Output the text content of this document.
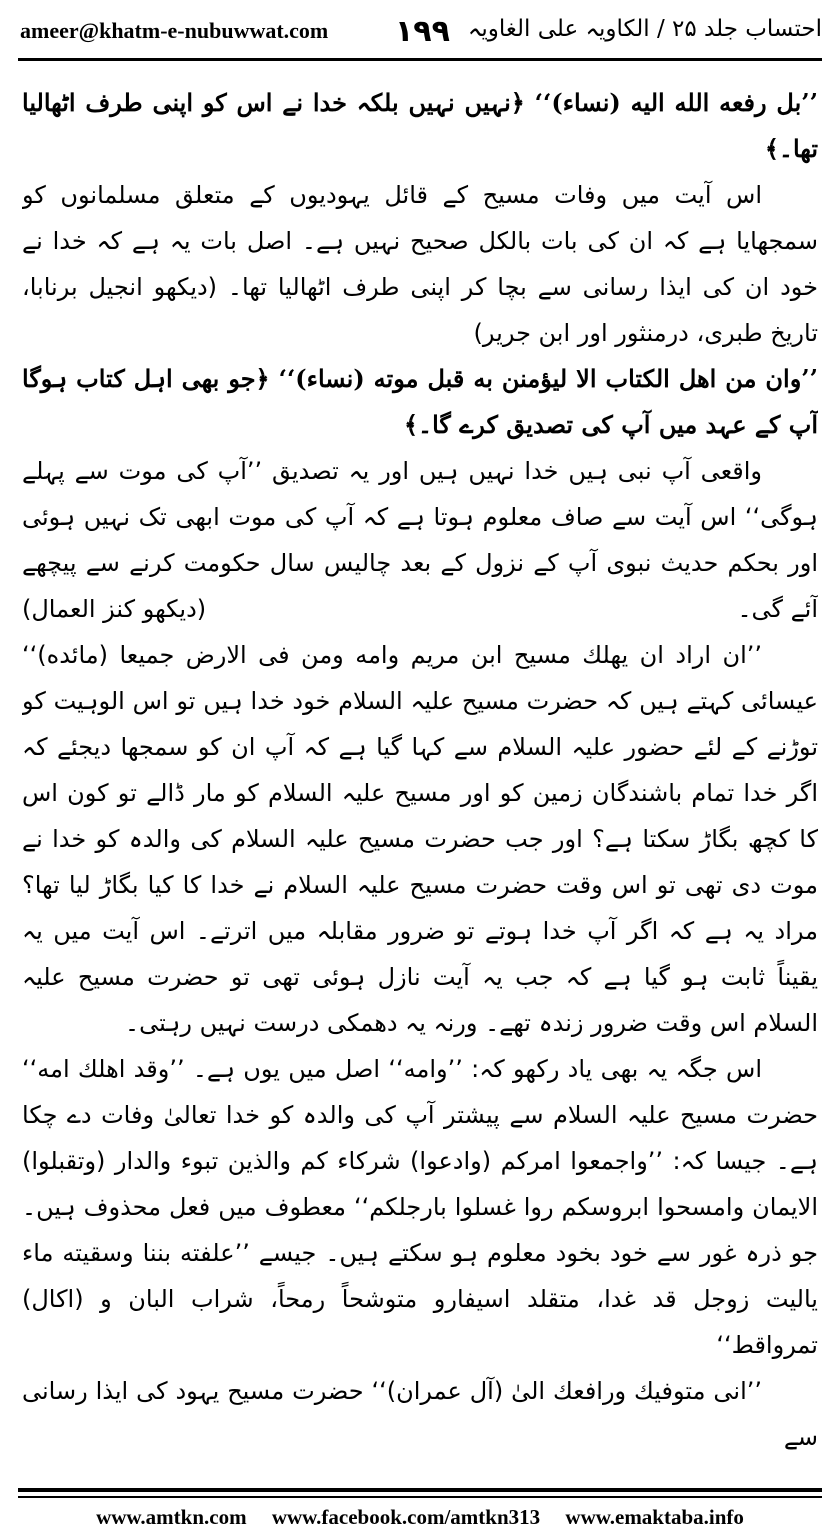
ameer@khatm-e-nubuwwat.com ۱۹۹ احتساب جلد ۲۵ / الکاویہ علی الغاویہ

’’بل رفعه الله اليه (نساء)‘‘ ﴿نہیں نہیں بلکہ خدا نے اس کو اپنی طرف اٹھالیا تھا۔﴾

اس آیت میں وفات مسیح کے قائل یہودیوں کے متعلق مسلمانوں کو سمجھایا ہے کہ ان کی بات بالکل صحیح نہیں ہے۔ اصل بات یہ ہے کہ خدا نے خود ان کی ایذا رسانی سے بچا کر اپنی طرف اٹھالیا تھا۔ (دیکھو انجیل برنابا، تاریخ طبری، درمنثور اور ابن جریر)

’’وان من اهل الكتاب الا ليؤمنن به قبل موته (نساء)‘‘ ﴿جو بھی اہل کتاب ہوگا آپ کے عہد میں آپ کی تصدیق کرے گا۔﴾

واقعی آپ نبی ہیں خدا نہیں ہیں اور یہ تصدیق ’’آپ کی موت سے پہلے ہوگی‘‘ اس آیت سے صاف معلوم ہوتا ہے کہ آپ کی موت ابھی تک نہیں ہوئی اور بحکم حدیث نبوی آپ کے نزول کے بعد چالیس سال حکومت کرنے سے پیچھے آئے گی۔
(دیکھو کنز العمال)

’’ان اراد ان يهلك مسيح ابن مريم وامه ومن فى الارض جميعا (مائده)‘‘ عیسائی کہتے ہیں کہ حضرت مسیح علیہ السلام خود خدا ہیں تو اس الوہیت کو توڑنے کے لئے حضور علیہ السلام سے کہا گیا ہے کہ آپ ان کو سمجھا دیجئے کہ اگر خدا تمام باشندگان زمین کو اور مسیح علیہ السلام کو مار ڈالے تو کون اس کا کچھ بگاڑ سکتا ہے؟ اور جب حضرت مسیح علیہ السلام کی والدہ کو خدا نے موت دی تھی تو اس وقت حضرت مسیح علیہ السلام نے خدا کا کیا بگاڑ لیا تھا؟ مراد یہ ہے کہ اگر آپ خدا ہوتے تو ضرور مقابلہ میں اترتے۔ اس آیت میں یہ یقیناً ثابت ہو گیا ہے کہ جب یہ آیت نازل ہوئی تھی تو حضرت مسیح علیہ السلام اس وقت ضرور زندہ تھے۔ ورنہ یہ دھمکی درست نہیں رہتی۔

اس جگہ یہ بھی یاد رکھو کہ: ’’وامه‘‘ اصل میں یوں ہے۔ ’’وقد اهلك امه‘‘ حضرت مسیح علیہ السلام سے پیشتر آپ کی والدہ کو خدا تعالیٰ وفات دے چکا ہے۔ جیسا کہ: ’’واجمعوا امركم (وادعوا) شركاء كم والذين تبوء والدار (وتقبلوا) الايمان وامسحوا ابروسكم روا غسلوا بارجلكم‘‘ معطوف میں فعل محذوف ہیں۔ جو ذرہ غور سے خود بخود معلوم ہو سکتے ہیں۔ جیسے ’’علفته بننا وسقيته ماء ياليت زوجل قد غدا، متقلد اسيفارو متوشحاً رمحاً، شراب البان و (اكال) تمرواقط‘‘

’’انی متوفيك ورافعك الیٰ (آل عمران)‘‘ حضرت مسیح یہود کی ایذا رسانی سے

www.amtkn.com www.facebook.com/amtkn313 www.emaktaba.info
